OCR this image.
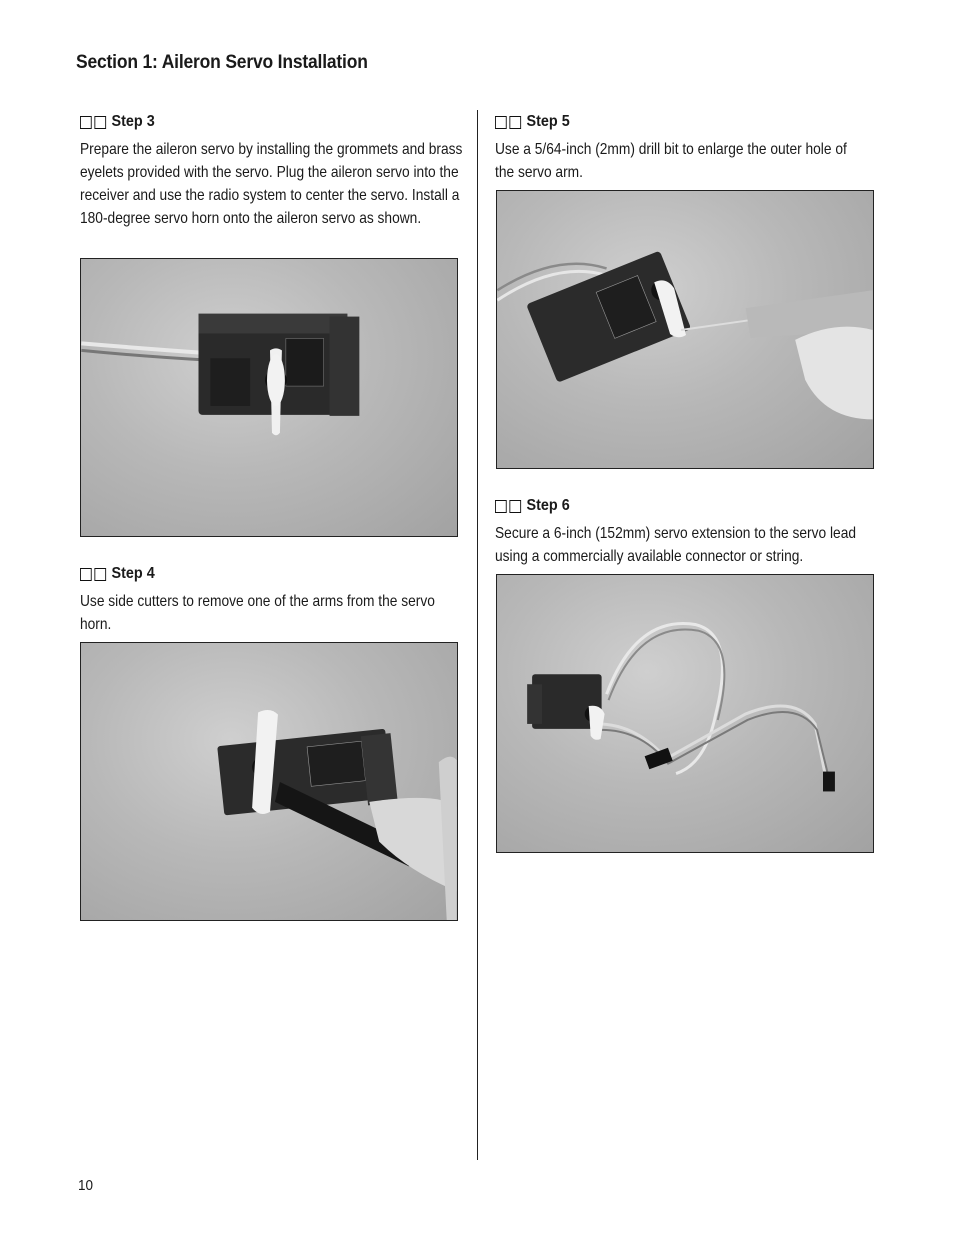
Section 1: Aileron Servo Installation
Step 3
Prepare the aileron servo by installing the grommets and brass eyelets provided with the servo. Plug the aileron servo into the receiver and use the radio system to center the servo. Install a 180-degree servo horn onto the aileron servo as shown.
Step 4
Use side cutters to remove one of the arms from the servo horn.
Step 5
Use a 5/64-inch (2mm) drill bit to enlarge the outer hole of the servo arm.
Step 6
Secure a 6-inch (152mm) servo extension to the servo lead using a commercially available connector or string.
10
